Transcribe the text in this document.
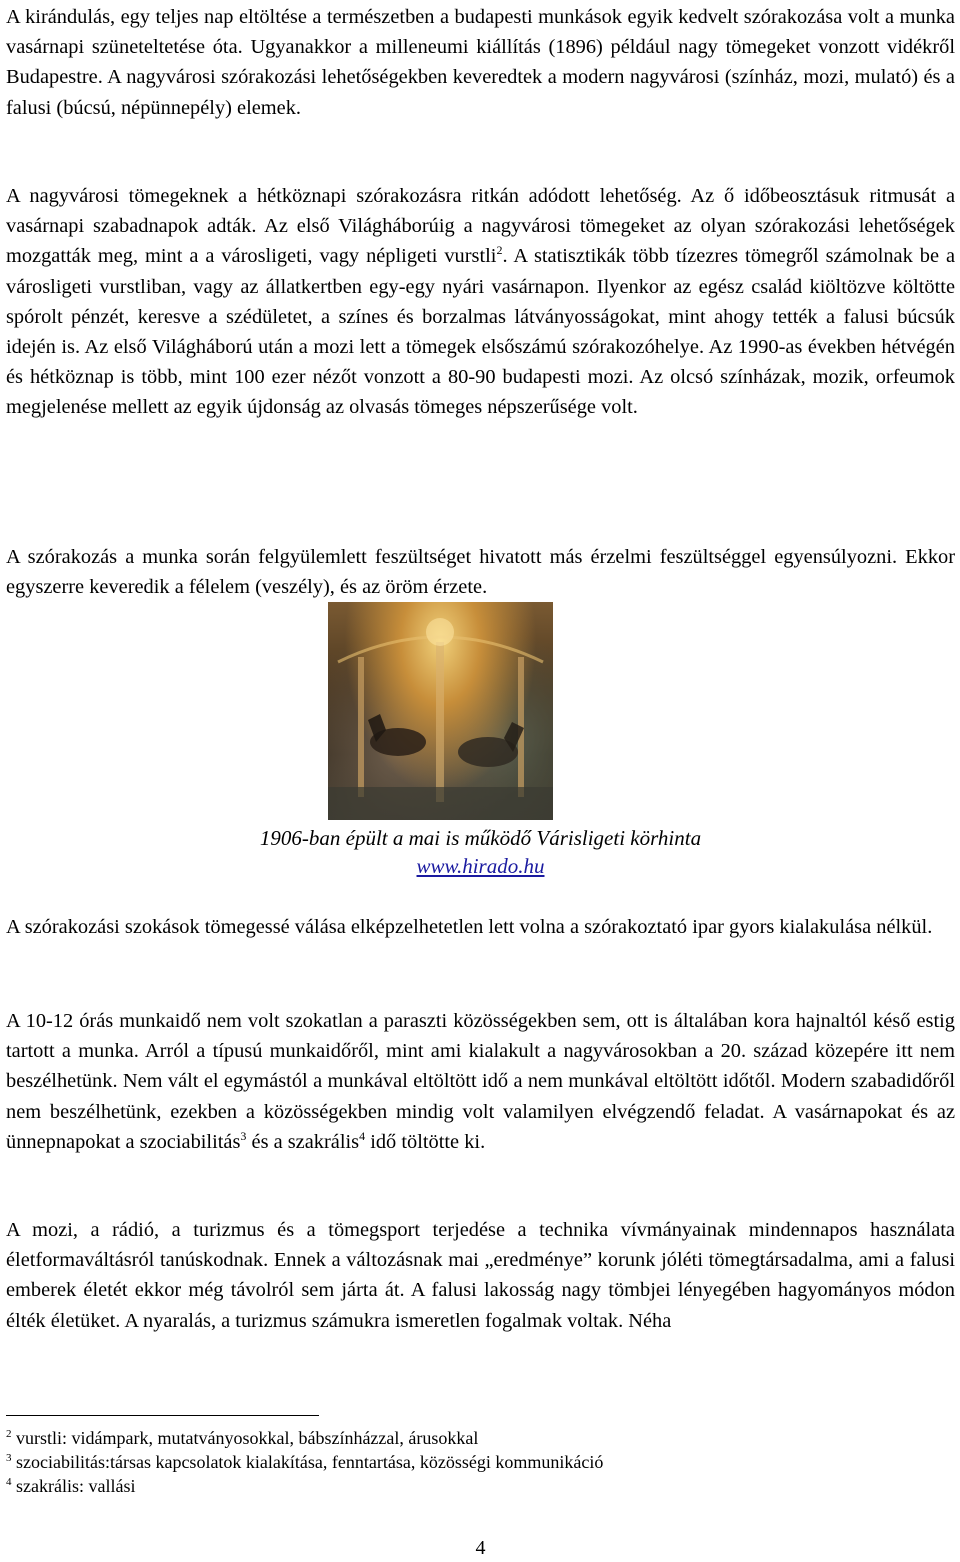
A kirándulás, egy teljes nap eltöltése a természetben a budapesti munkások egyik kedvelt szórakozása volt a munka vasárnapi szüneteltetése óta. Ugyanakkor a milleneumi kiállítás (1896) például nagy tömegeket vonzott vidékről Budapestre. A nagyvárosi szórakozási lehetőségekben keveredtek a modern nagyvárosi (színház, mozi, mulató) és a falusi (búcsú, népünnepély) elemek.

A nagyvárosi tömegeknek a hétköznapi szórakozásra ritkán adódott lehetőség. Az ő időbeosztásuk ritmusát a vasárnapi szabadnapok adták. Az első Világháborúig a nagyvárosi tömegeket az olyan szórakozási lehetőségek mozgatták meg, mint a a városligeti, vagy népligeti vurstli$^2$. A statisztikák több tízezres tömegről számolnak be a városligeti vurstliban, vagy az állatkertben egy-egy nyári vasárnapon. Ilyenkor az egész család kiöltözve költötte spórolt pénzét, keresve a szédületet, a színes és borzalmas látványosságokat, mint ahogy tették a falusi búcsúk idején is. Az első Világháború után a mozi lett a tömegek elsőszámú szórakozóhelye. Az 1990-as években hétvégén és hétköznap is több, mint 100 ezer nézőt vonzott a 80-90 budapesti mozi. Az olcsó színházak, mozik, orfeumok megjelenése mellett az egyik újdonság az olvasás tömeges népszerűsége volt.

A szórakozás a munka során felgyülemlett feszültséget hivatott más érzelmi feszültséggel egyensúlyozni. Ekkor egyszerre keveredik a félelem (veszély), és az öröm érzete.

1906-ban épült a mai is működő Várisligeti körhinta
www.hirado.hu

A szórakozási szokások tömegessé válása elképzelhetetlen lett volna a szórakoztató ipar gyors kialakulása nélkül.

A 10-12 órás munkaidő nem volt szokatlan a paraszti közösségekben sem, ott is általában kora hajnaltól késő estig tartott a munka. Arról a típusú munkaidőről, mint ami kialakult a nagyvárosokban a 20. század közepére itt nem beszélhetünk. Nem vált el egymástól a munkával eltöltött idő a nem munkával eltöltött időtől. Modern szabadidőről nem beszélhetünk, ezekben a közösségekben mindig volt valamilyen elvégzendő feladat. A vasárnapokat és az ünnepnapokat a szociabilitás$^3$ és a szakrális$^4$ idő töltötte ki.

A mozi, a rádió, a turizmus és a tömegsport terjedése a technika vívmányainak mindennapos használata életformaváltásról tanúskodnak. Ennek a változásnak mai „eredménye” korunk jóléti tömegtársadalma, ami a falusi emberek életét ekkor még távolról sem járta át. A falusi lakosság nagy tömbjei lényegében hagyományos módon élték életüket. A nyaralás, a turizmus számukra ismeretlen fogalmak voltak. Néha

$^2$ vurstli: vidámpark, mutatványosokkal, bábszínházzal, árusokkal

$^3$ szociabilitás:társas kapcsolatok kialakítása, fenntartása, közösségi kommunikáció

$^4$ szakrális: vallási

4
